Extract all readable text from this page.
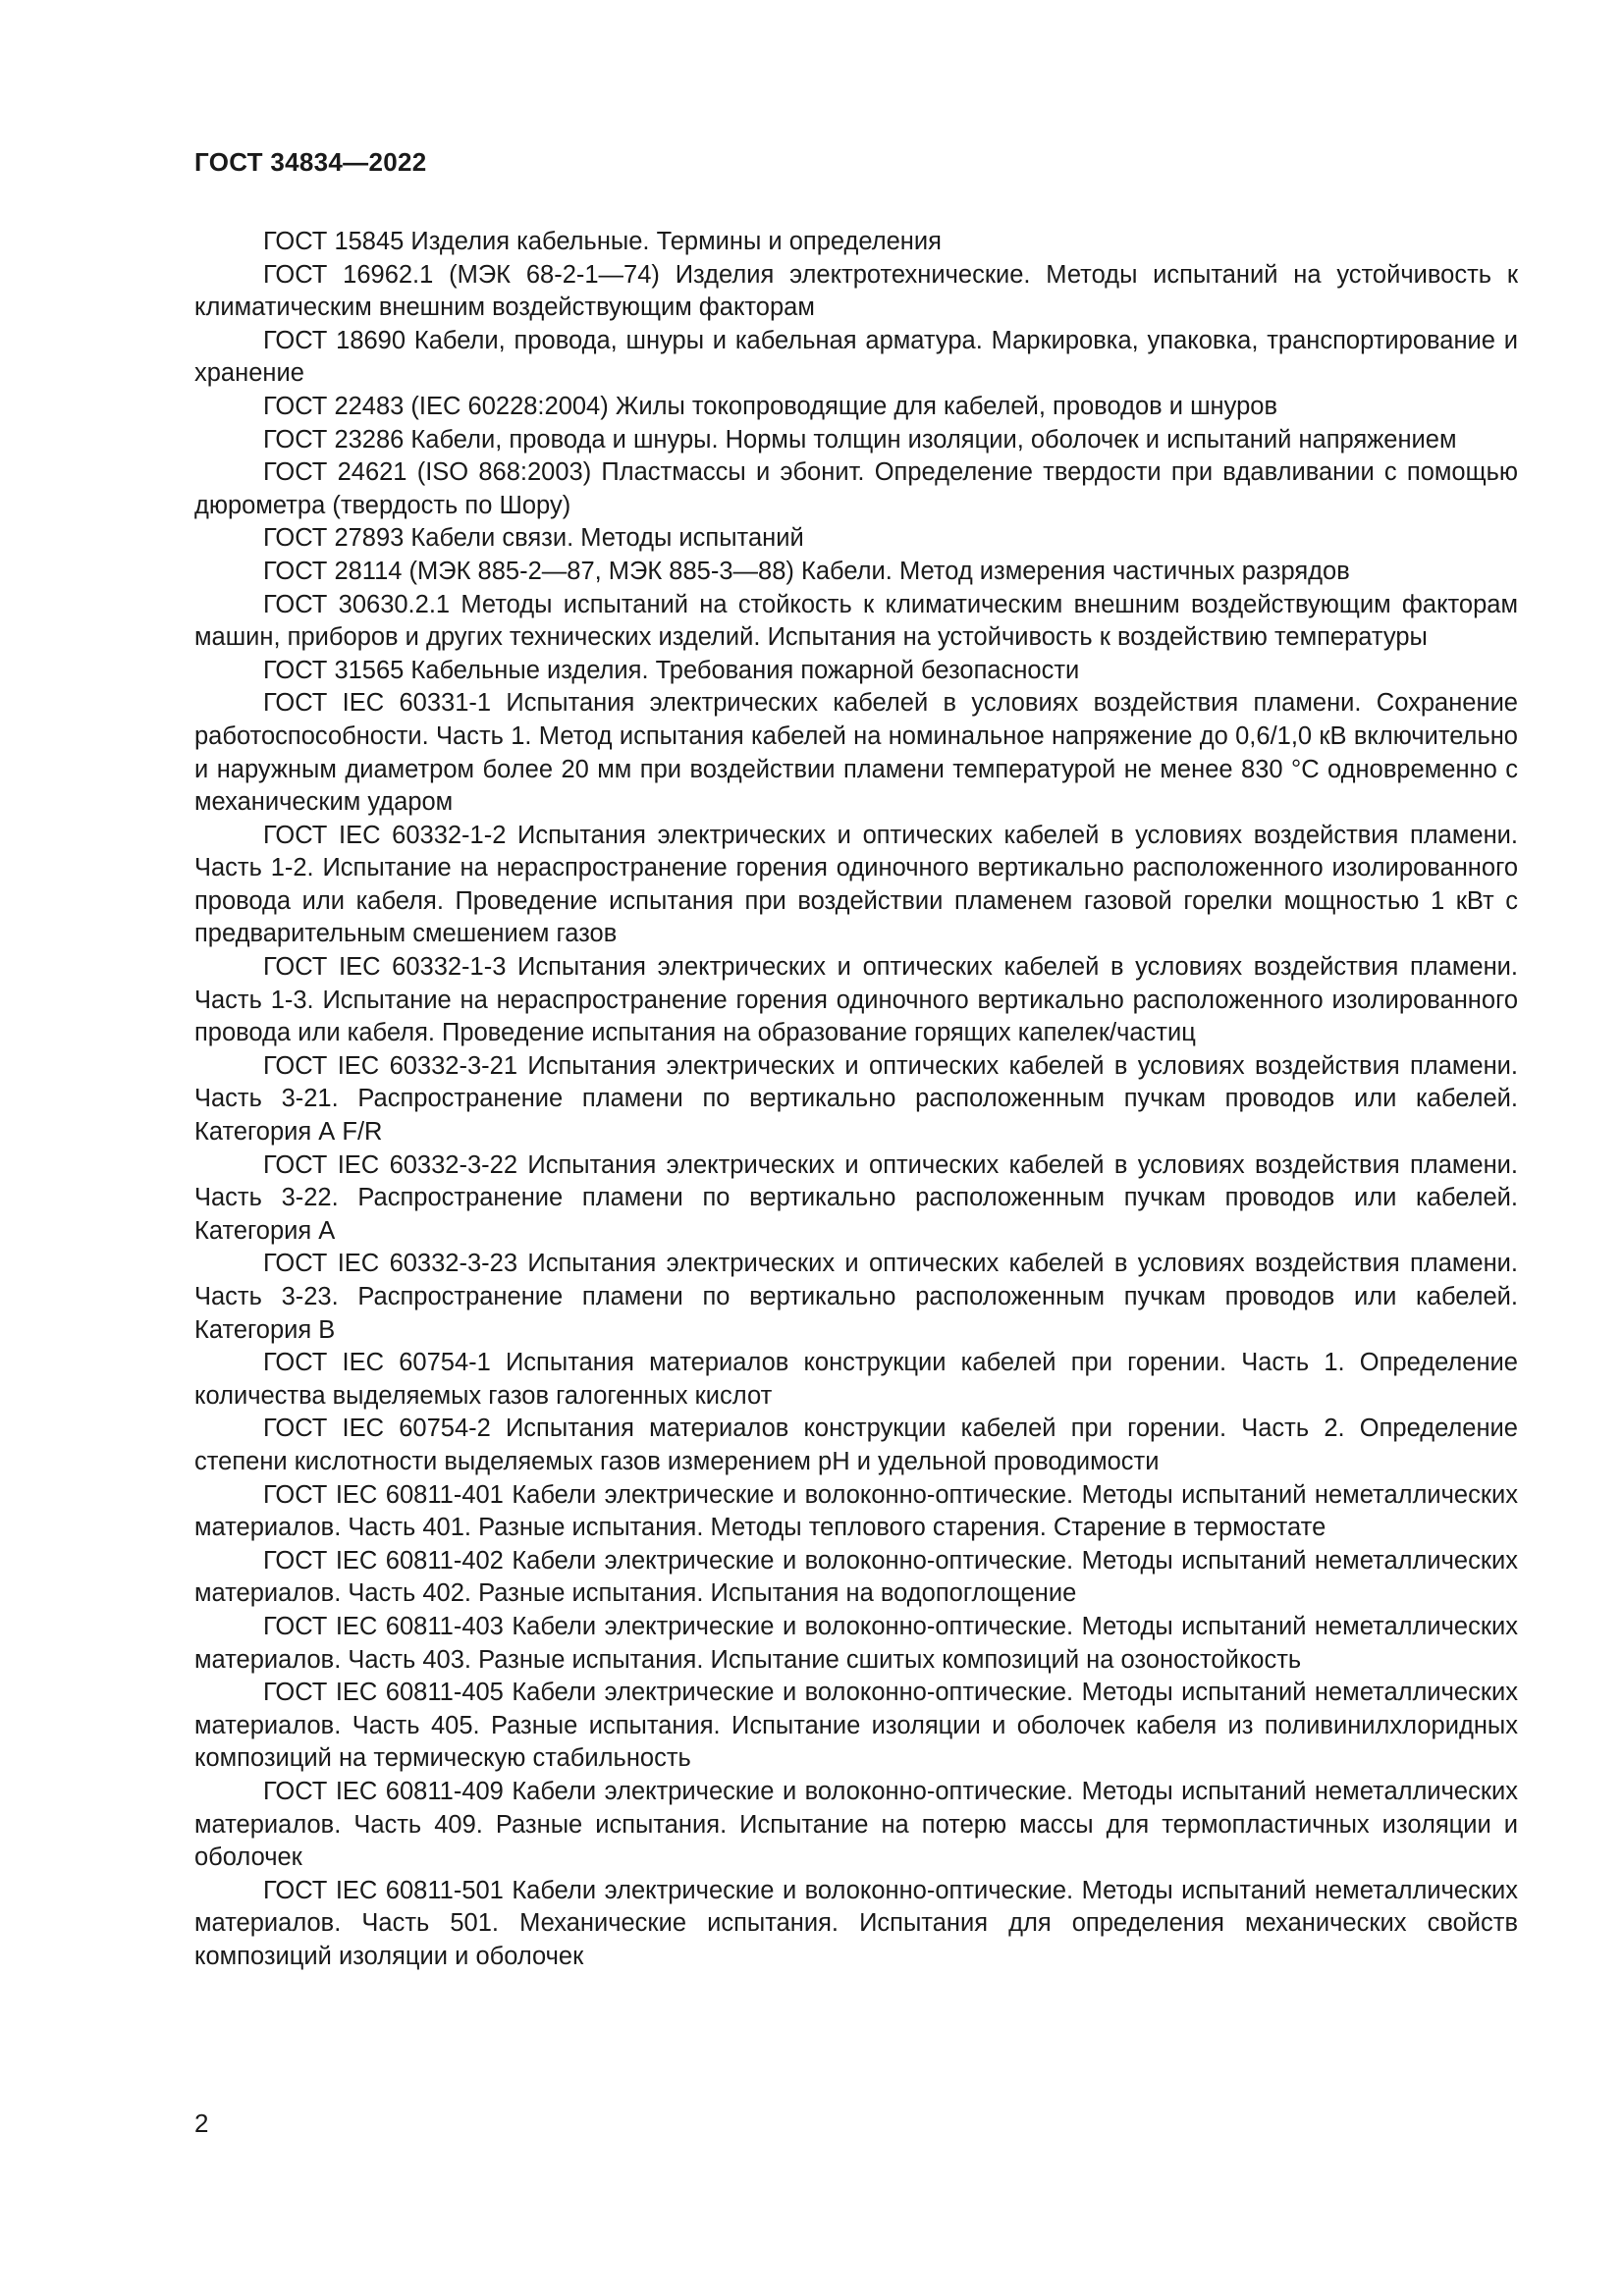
ГОСТ 34834—2022

ГОСТ 15845 Изделия кабельные. Термины и определения

ГОСТ 16962.1 (МЭК 68-2-1—74) Изделия электротехнические. Методы испытаний на устойчивость к климатическим внешним воздействующим факторам

ГОСТ 18690 Кабели, провода, шнуры и кабельная арматура. Маркировка, упаковка, транспортирование и хранение

ГОСТ 22483 (IEC 60228:2004) Жилы токопроводящие для кабелей, проводов и шнуров

ГОСТ 23286 Кабели, провода и шнуры. Нормы толщин изоляции, оболочек и испытаний напряжением

ГОСТ 24621 (ISO 868:2003) Пластмассы и эбонит. Определение твердости при вдавливании с помощью дюрометра (твердость по Шору)

ГОСТ 27893 Кабели связи. Методы испытаний

ГОСТ 28114 (МЭК 885-2—87, МЭК 885-3—88) Кабели. Метод измерения частичных разрядов

ГОСТ 30630.2.1 Методы испытаний на стойкость к климатическим внешним воздействующим факторам машин, приборов и других технических изделий. Испытания на устойчивость к воздействию температуры

ГОСТ 31565 Кабельные изделия. Требования пожарной безопасности

ГОСТ IEC 60331-1 Испытания электрических кабелей в условиях воздействия пламени. Сохранение работоспособности. Часть 1. Метод испытания кабелей на номинальное напряжение до 0,6/1,0 кВ включительно и наружным диаметром более 20 мм при воздействии пламени температурой не менее 830 °C одновременно с механическим ударом

ГОСТ IEC 60332-1-2 Испытания электрических и оптических кабелей в условиях воздействия пламени. Часть 1-2. Испытание на нераспространение горения одиночного вертикально расположенного изолированного провода или кабеля. Проведение испытания при воздействии пламенем газовой горелки мощностью 1 кВт с предварительным смешением газов

ГОСТ IEC 60332-1-3 Испытания электрических и оптических кабелей в условиях воздействия пламени. Часть 1-3. Испытание на нераспространение горения одиночного вертикально расположенного изолированного провода или кабеля. Проведение испытания на образование горящих капелек/частиц

ГОСТ IEC 60332-3-21 Испытания электрических и оптических кабелей в условиях воздействия пламени. Часть 3-21. Распространение пламени по вертикально расположенным пучкам проводов или кабелей. Категория А F/R

ГОСТ IEC 60332-3-22 Испытания электрических и оптических кабелей в условиях воздействия пламени. Часть 3-22. Распространение пламени по вертикально расположенным пучкам проводов или кабелей. Категория А

ГОСТ IEC 60332-3-23 Испытания электрических и оптических кабелей в условиях воздействия пламени. Часть 3-23. Распространение пламени по вертикально расположенным пучкам проводов или кабелей. Категория В

ГОСТ IEC 60754-1 Испытания материалов конструкции кабелей при горении. Часть 1. Определение количества выделяемых газов галогенных кислот

ГОСТ IEC 60754-2 Испытания материалов конструкции кабелей при горении. Часть 2. Определение степени кислотности выделяемых газов измерением pH и удельной проводимости

ГОСТ IEC 60811-401 Кабели электрические и волоконно-оптические. Методы испытаний неметаллических материалов. Часть 401. Разные испытания. Методы теплового старения. Старение в термостате

ГОСТ IEC 60811-402 Кабели электрические и волоконно-оптические. Методы испытаний неметаллических материалов. Часть 402. Разные испытания. Испытания на водопоглощение

ГОСТ IEC 60811-403 Кабели электрические и волоконно-оптические. Методы испытаний неметаллических материалов. Часть 403. Разные испытания. Испытание сшитых композиций на озоностойкость

ГОСТ IEC 60811-405 Кабели электрические и волоконно-оптические. Методы испытаний неметаллических материалов. Часть 405. Разные испытания. Испытание изоляции и оболочек кабеля из поливинилхлоридных композиций на термическую стабильность

ГОСТ IEC 60811-409 Кабели электрические и волоконно-оптические. Методы испытаний неметаллических материалов. Часть 409. Разные испытания. Испытание на потерю массы для термопластичных изоляции и оболочек

ГОСТ IEC 60811-501 Кабели электрические и волоконно-оптические. Методы испытаний неметаллических материалов. Часть 501. Механические испытания. Испытания для определения механических свойств композиций изоляции и оболочек

2
